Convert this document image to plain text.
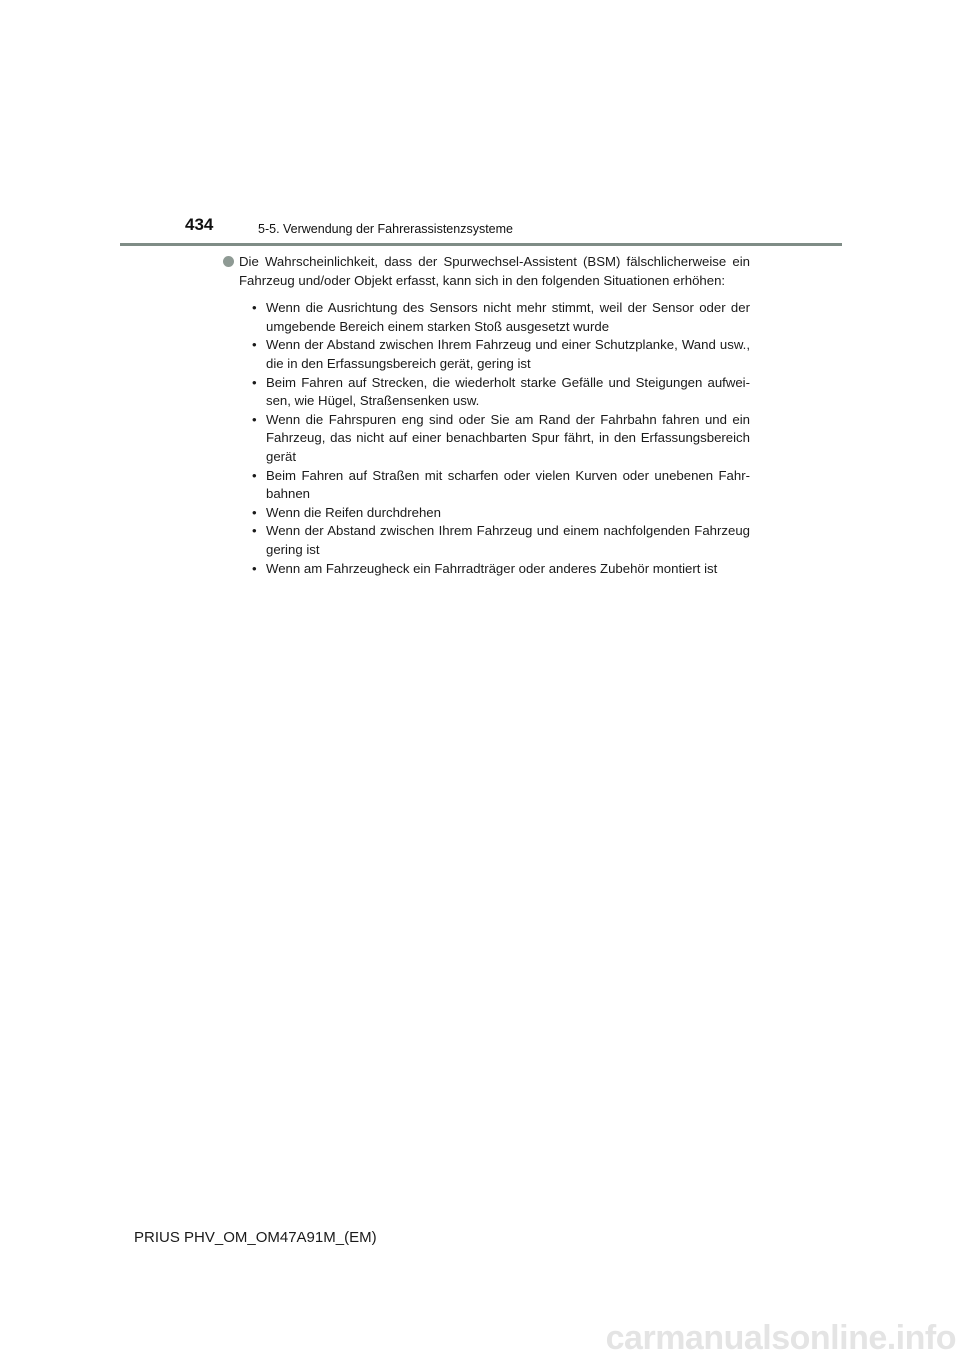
434	5-5. Verwendung der Fahrerassistenzsysteme

Die Wahrscheinlichkeit, dass der Spurwechsel-Assistent (BSM) fälschlicherweise ein Fahrzeug und/oder Objekt erfasst, kann sich in den folgenden Situationen erhöhen:

• Wenn die Ausrichtung des Sensors nicht mehr stimmt, weil der Sensor oder der umgebende Bereich einem starken Stoß ausgesetzt wurde
• Wenn der Abstand zwischen Ihrem Fahrzeug und einer Schutzplanke, Wand usw., die in den Erfassungsbereich gerät, gering ist
• Beim Fahren auf Strecken, die wiederholt starke Gefälle und Steigungen aufwei-sen, wie Hügel, Straßensenken usw.
• Wenn die Fahrspuren eng sind oder Sie am Rand der Fahrbahn fahren und ein Fahrzeug, das nicht auf einer benachbarten Spur fährt, in den Erfassungsbereich gerät
• Beim Fahren auf Straßen mit scharfen oder vielen Kurven oder unebenen Fahr-bahnen
• Wenn die Reifen durchdrehen
• Wenn der Abstand zwischen Ihrem Fahrzeug und einem nachfolgenden Fahrzeug gering ist
• Wenn am Fahrzeugheck ein Fahrradträger oder anderes Zubehör montiert ist
PRIUS PHV_OM_OM47A91M_(EM)
carmanualsonline.info
